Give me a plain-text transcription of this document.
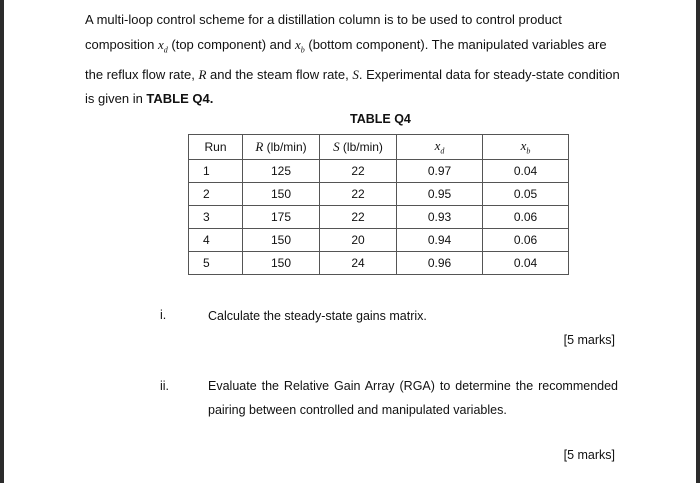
A multi-loop control scheme for a distillation column is to be used to control product composition $x_d$ (top component) and $x_b$ (bottom component). The manipulated variables are the reflux flow rate, R and the steam flow rate, S. Experimental data for steady-state condition is given in TABLE Q4.

TABLE Q4
Run	R (lb/min)	S (lb/min)	$x_d$	$x_b$
1	125	22	0.97	0.04
2	150	22	0.95	0.05
3	175	22	0.93	0.06
4	150	20	0.94	0.06
5	150	24	0.96	0.04
i.	Calculate the steady-state gains matrix.
[5 marks]
ii.	Evaluate the Relative Gain Array (RGA) to determine the recommended pairing between controlled and manipulated variables.
[5 marks]
